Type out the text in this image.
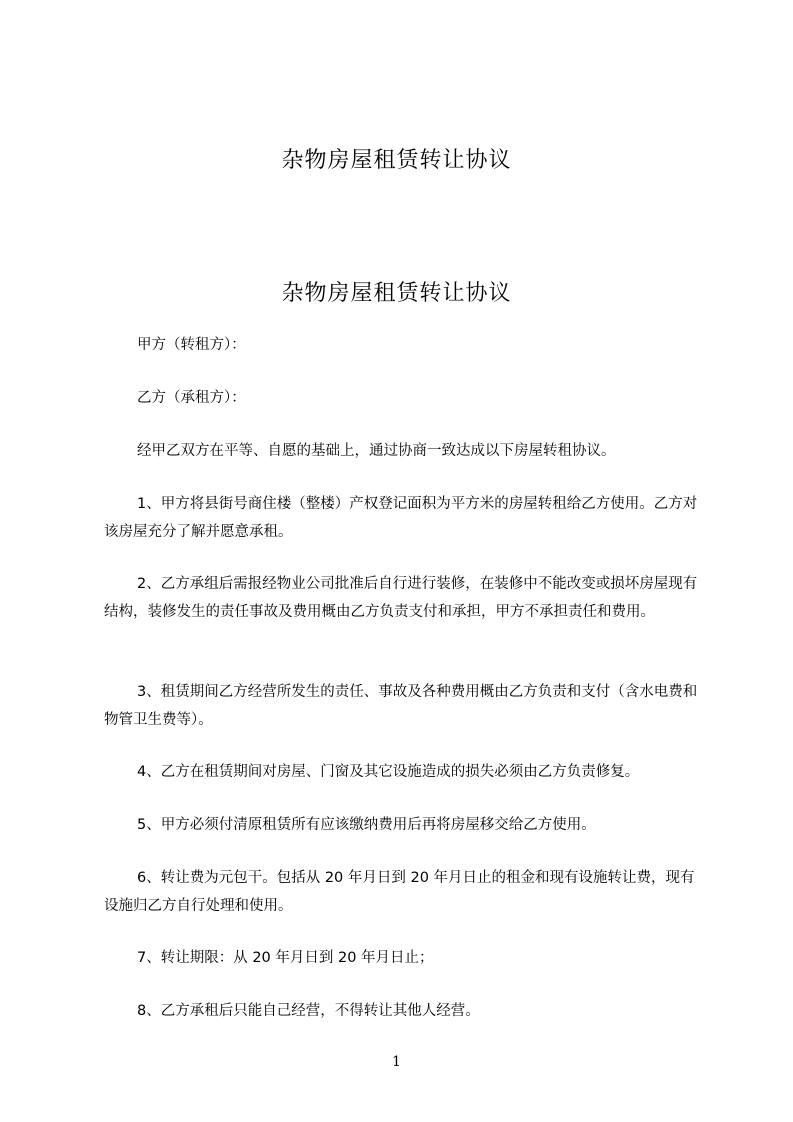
杂物房屋租赁转让协议
杂物房屋租赁转让协议
甲方（转租方）：
乙方（承租方）：
经甲乙双方在平等、自愿的基础上，通过协商一致达成以下房屋转租协议。
1、甲方将县街号商住楼（整楼）产权登记面积为平方米的房屋转租给乙方使用。乙方对该房屋充分了解并愿意承租。
2、乙方承组后需报经物业公司批准后自行进行装修，在装修中不能改变或损坏房屋现有结构，装修发生的责任事故及费用概由乙方负责支付和承担，甲方不承担责任和费用。
3、租赁期间乙方经营所发生的责任、事故及各种费用概由乙方负责和支付（含水电费和物管卫生费等）。
4、乙方在租赁期间对房屋、门窗及其它设施造成的损失必须由乙方负责修复。
5、甲方必须付清原租赁所有应该缴纳费用后再将房屋移交给乙方使用。
6、转让费为元包干。包括从 20 年月日到 20 年月日止的租金和现有设施转让费，现有设施归乙方自行处理和使用。
7、转让期限：从 20 年月日到 20 年月日止；
8、乙方承租后只能自己经营，不得转让其他人经营。
1
